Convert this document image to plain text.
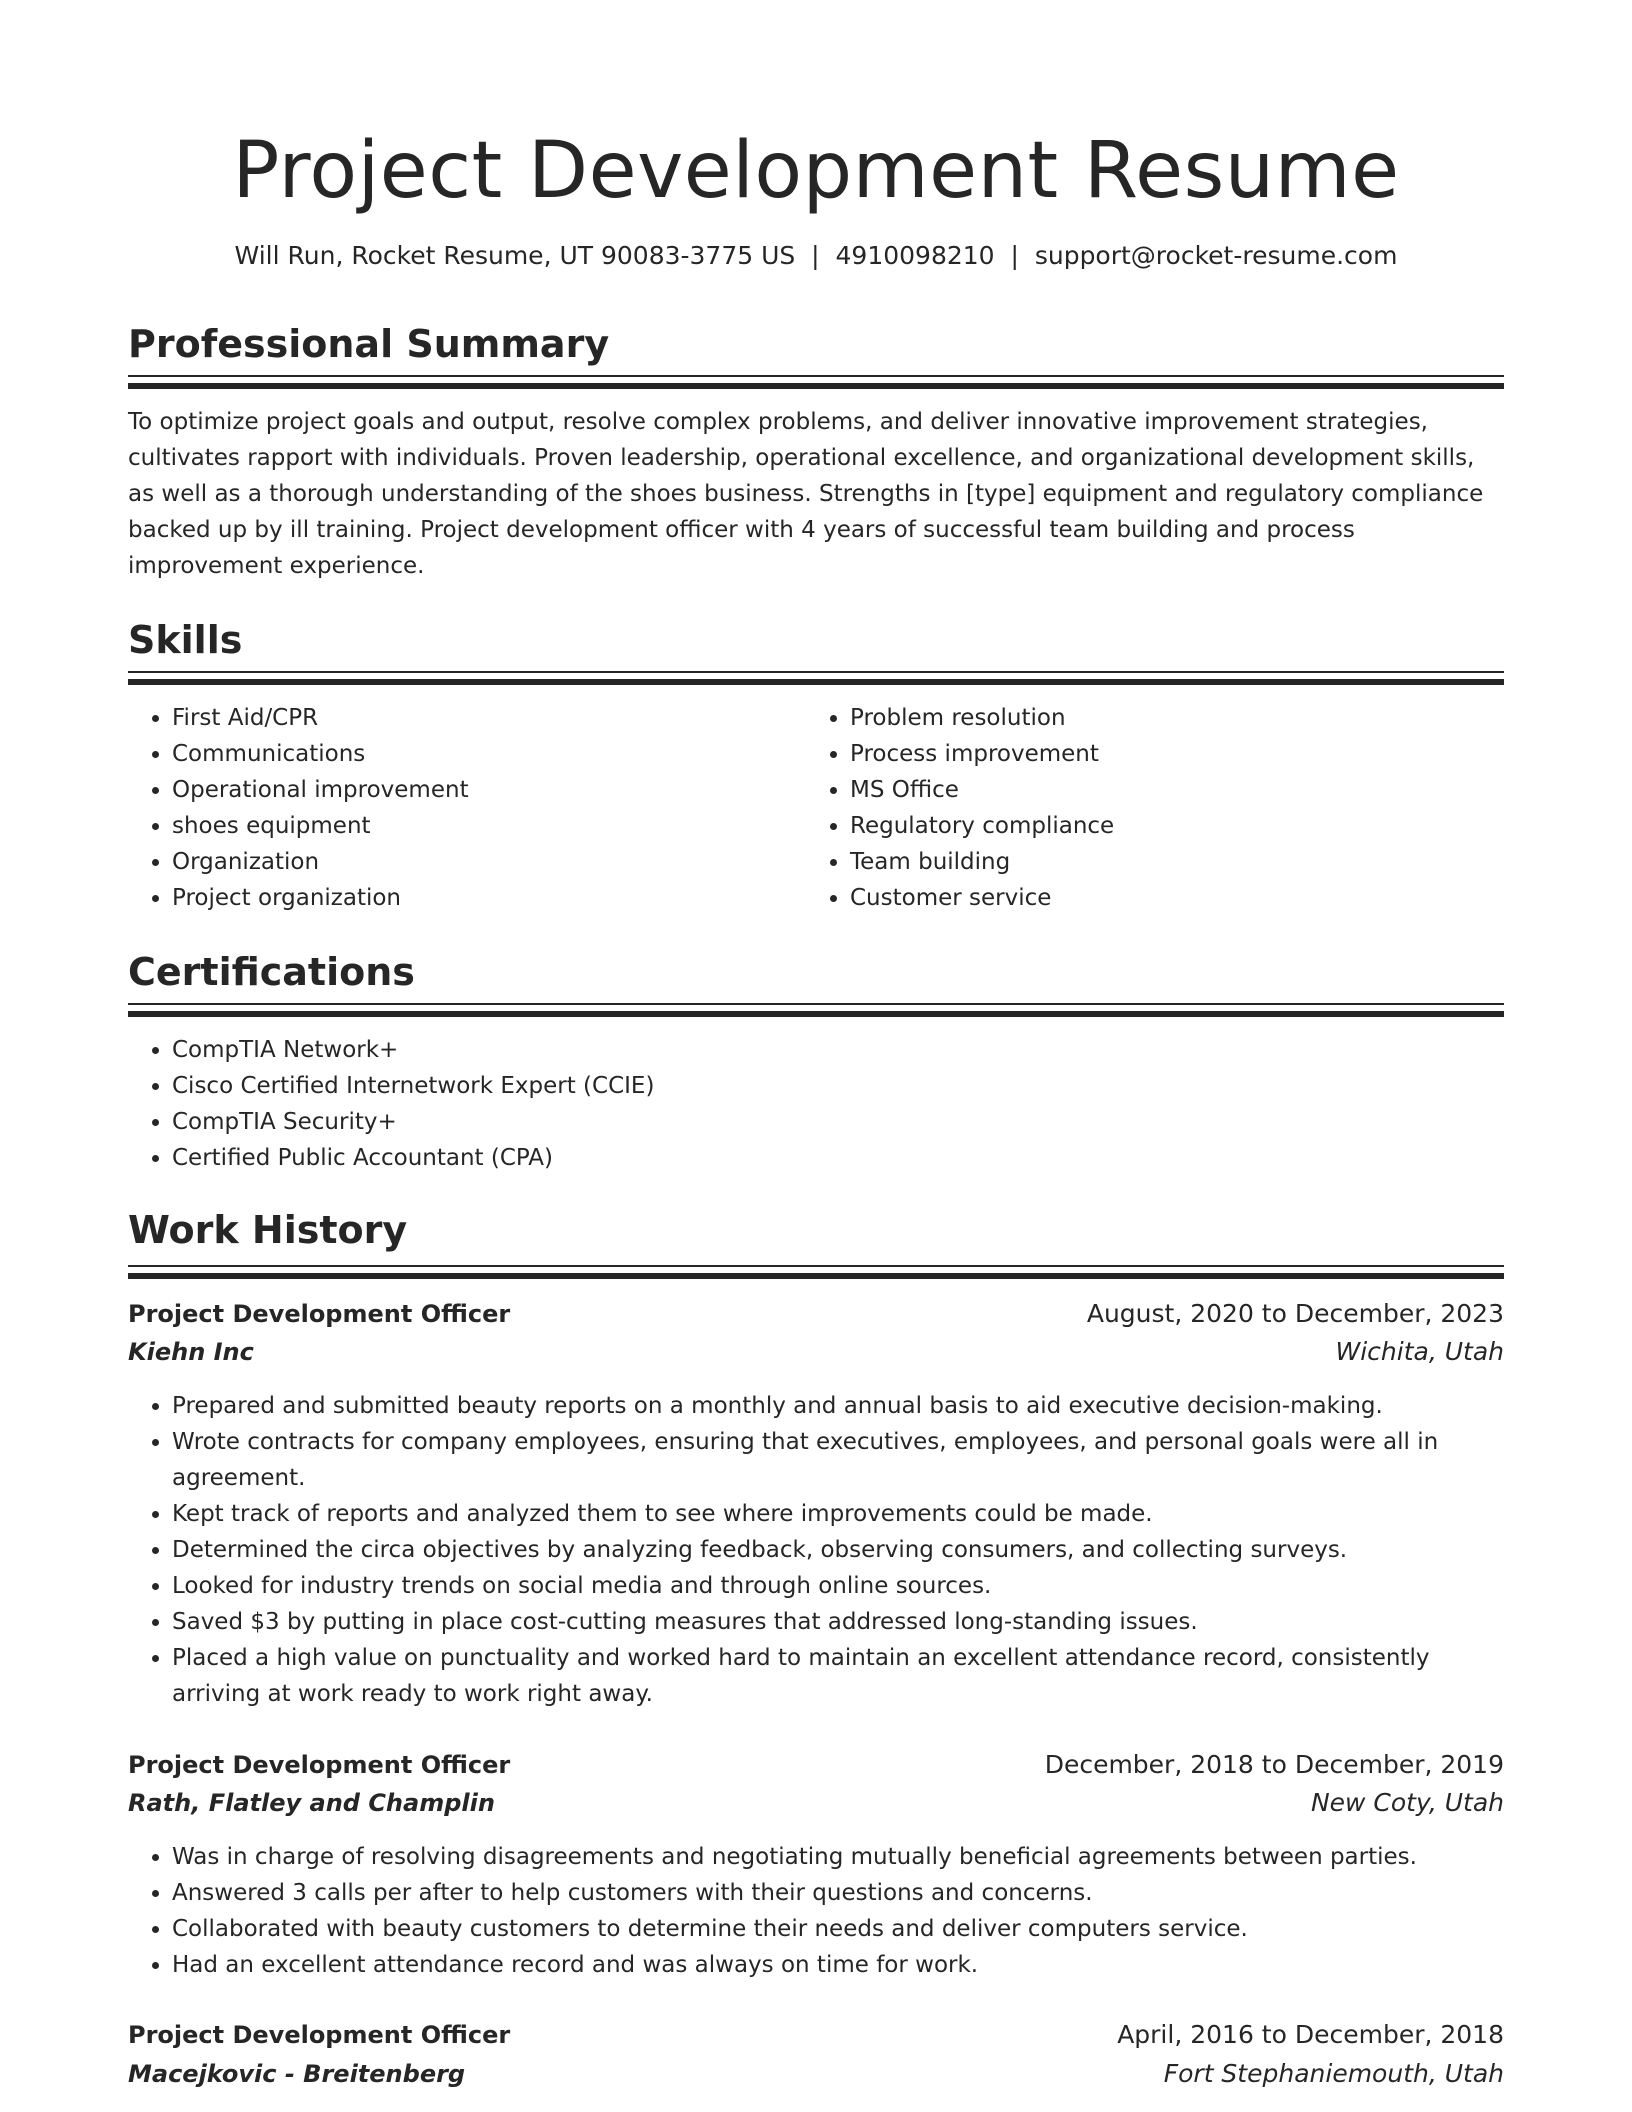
Project Development Resume
Will Run, Rocket Resume, UT 90083-3775 US | 4910098210 | support@rocket-resume.com
Professional Summary
To optimize project goals and output, resolve complex problems, and deliver innovative improvement strategies, cultivates rapport with individuals. Proven leadership, operational excellence, and organizational development skills, as well as a thorough understanding of the shoes business. Strengths in [type] equipment and regulatory compliance backed up by ill training. Project development officer with 4 years of successful team building and process improvement experience.
Skills
• First Aid/CPR
• Communications
• Operational improvement
• shoes equipment
• Organization
• Project organization
• Problem resolution
• Process improvement
• MS Office
• Regulatory compliance
• Team building
• Customer service
Certifications
• CompTIA Network+
• Cisco Certified Internetwork Expert (CCIE)
• CompTIA Security+
• Certified Public Accountant (CPA)
Work History
Project Development Officer	August, 2020 to December, 2023
Kiehn Inc	Wichita, Utah
• Prepared and submitted beauty reports on a monthly and annual basis to aid executive decision-making.
• Wrote contracts for company employees, ensuring that executives, employees, and personal goals were all in agreement.
• Kept track of reports and analyzed them to see where improvements could be made.
• Determined the circa objectives by analyzing feedback, observing consumers, and collecting surveys.
• Looked for industry trends on social media and through online sources.
• Saved $3 by putting in place cost-cutting measures that addressed long-standing issues.
• Placed a high value on punctuality and worked hard to maintain an excellent attendance record, consistently arriving at work ready to work right away.
Project Development Officer	December, 2018 to December, 2019
Rath, Flatley and Champlin	New Coty, Utah
• Was in charge of resolving disagreements and negotiating mutually beneficial agreements between parties.
• Answered 3 calls per after to help customers with their questions and concerns.
• Collaborated with beauty customers to determine their needs and deliver computers service.
• Had an excellent attendance record and was always on time for work.
Project Development Officer	April, 2016 to December, 2018
Macejkovic - Breitenberg	Fort Stephaniemouth, Utah
